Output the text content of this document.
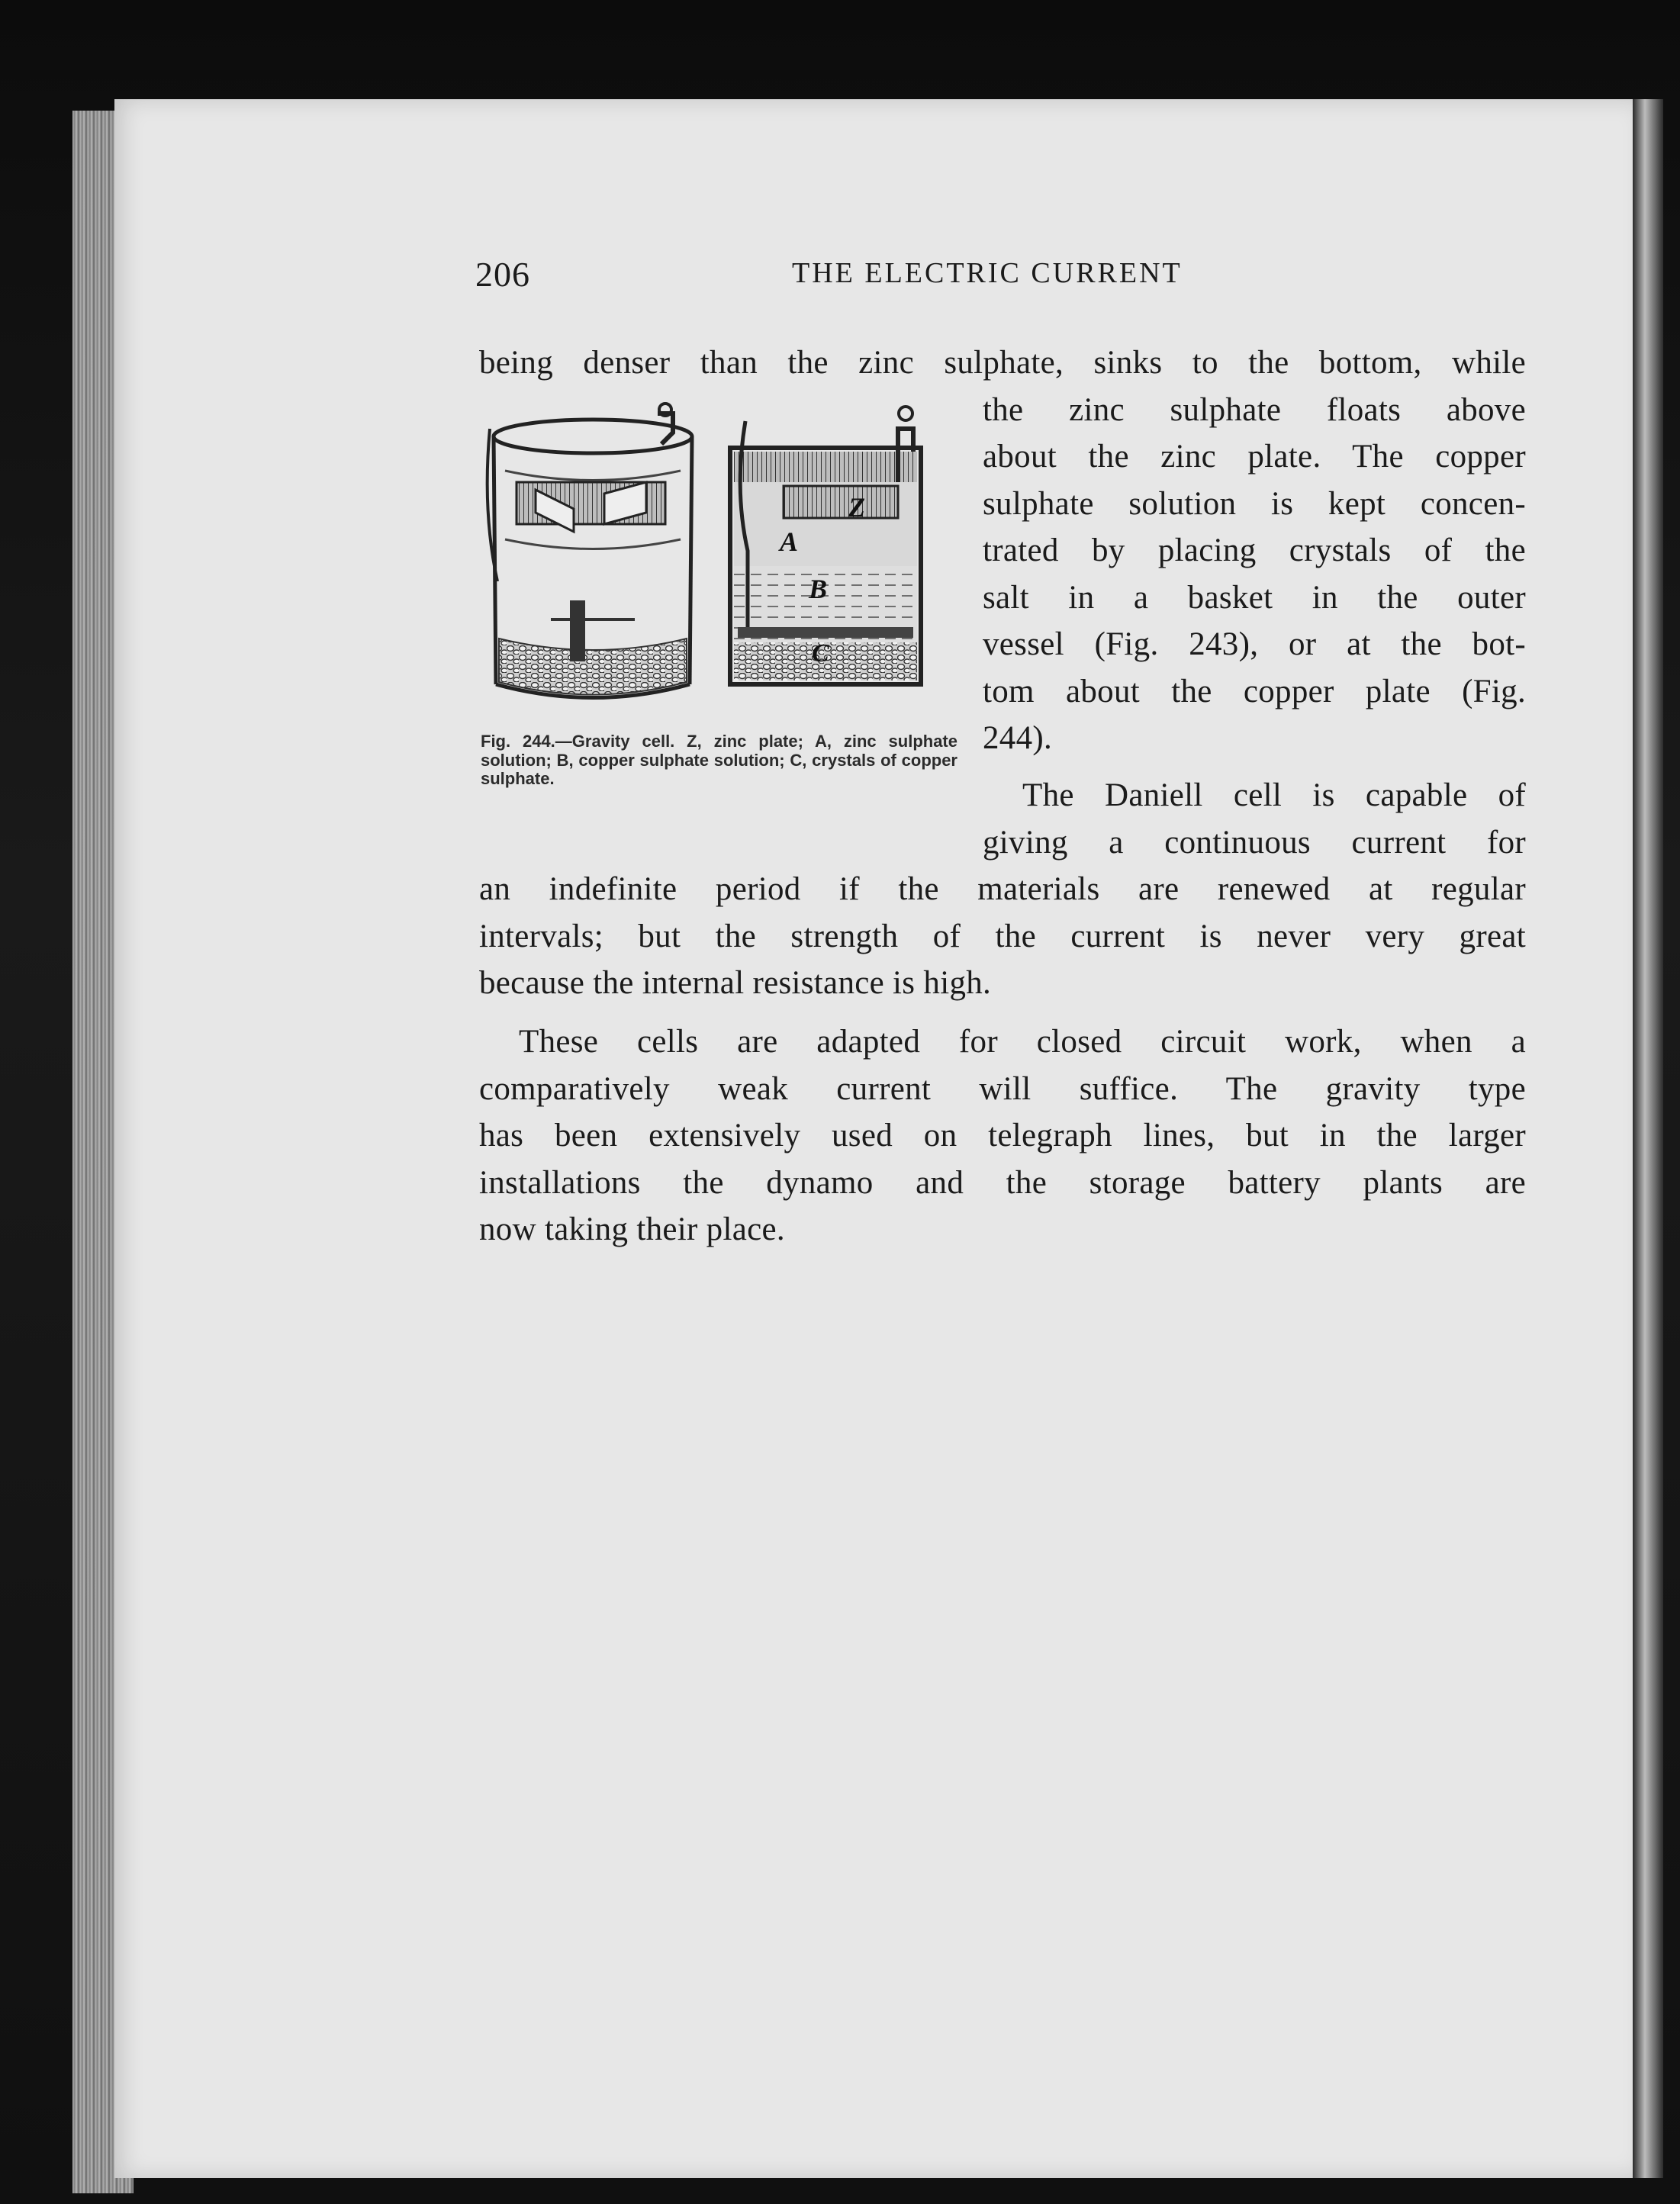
206	THE ELECTRIC CURRENT

being denser than the zinc sulphate, sinks to the bottom, while

the zinc sulphate floats above

about the zinc plate. The copper

sulphate solution is kept concen-

trated by placing crystals of the

salt in a basket in the outer

vessel (Fig. 243), or at the bot-

tom about the copper plate (Fig.

244).

The Daniell cell is capable of

giving a continuous current for

an indefinite period if the materials are renewed at regular

intervals; but the strength of the current is never very great

because the internal resistance is high.

These cells are adapted for closed circuit work, when a

comparatively weak current will suffice. The gravity type

has been extensively used on telegraph lines, but in the larger

installations the dynamo and the storage battery plants are

now taking their place.

Z
A
B
C

Fig. 244.—Gravity cell. Z, zinc plate; A, zinc sulphate solution; B, copper sulphate solution; C, crystals of copper sulphate.
